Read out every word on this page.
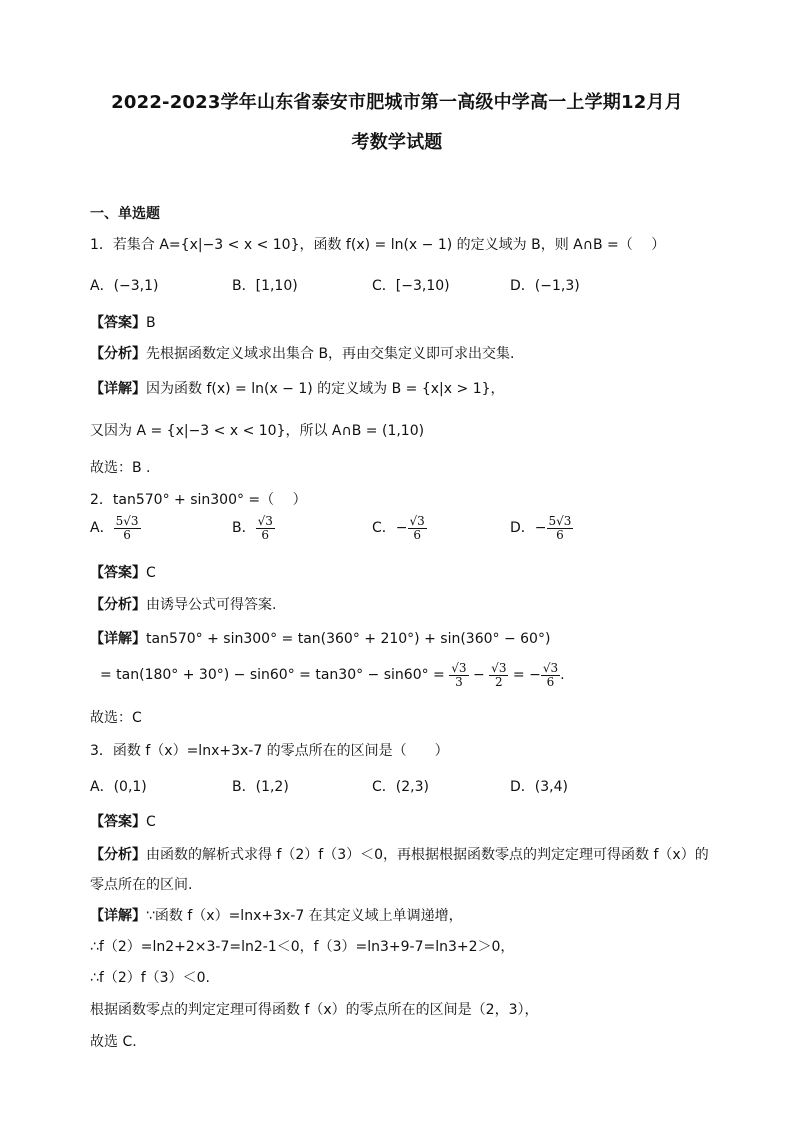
2022-2023学年山东省泰安市肥城市第一高级中学高一上学期12月月
考数学试题
一、单选题
1．若集合 A={x|−3 < x < 10}，函数 f(x) = ln(x − 1) 的定义域为 B，则 A∩B =（　 ）
A．(−3,1)	B．[1,10)	C．[−3,10)	D．(−1,3)
【答案】B
【分析】先根据函数定义域求出集合 B，再由交集定义即可求出交集.
【详解】因为函数 f(x) = ln(x − 1) 的定义域为 B = {x|x > 1}，
又因为 A = {x|−3 < x < 10}，所以 A∩B = (1,10)
故选：B .
2．tan570° + sin300° =（　 ）
A． $\frac{5√3}{6}$	B． $\frac{√3}{6}$	C．− $\frac{√3}{6}$	D．− $\frac{5√3}{6}$
【答案】C
【分析】由诱导公式可得答案.
【详解】tan570° + sin300° = tan(360° + 210°) + sin(360° − 60°)
= $\tan(180^\circ + 30^\circ) - \sin 60^\circ = \tan 30^\circ - \sin 60^\circ = \frac{√3}{3} - \frac{√3}{2}$ = − $\frac{√3}{6}$ .
故选：C
3．函数 f（x）=lnx+3x-7 的零点所在的区间是（　　）
A．(0,1)	B．(1,2)	C．(2,3)	D．(3,4)
【答案】C
【分析】由函数的解析式求得 f（2）f（3）＜0，再根据根据函数零点的判定定理可得函数 f（x）的
零点所在的区间.
【详解】∵函数 f（x）=lnx+3x-7 在其定义域上单调递增，
∴f（2）=ln2+2×3-7=ln2-1＜0，f（3）=ln3+9-7=ln3+2＞0，
∴f（2）f（3）＜0.
根据函数零点的判定定理可得函数 f（x）的零点所在的区间是（2，3），
故选 C.
